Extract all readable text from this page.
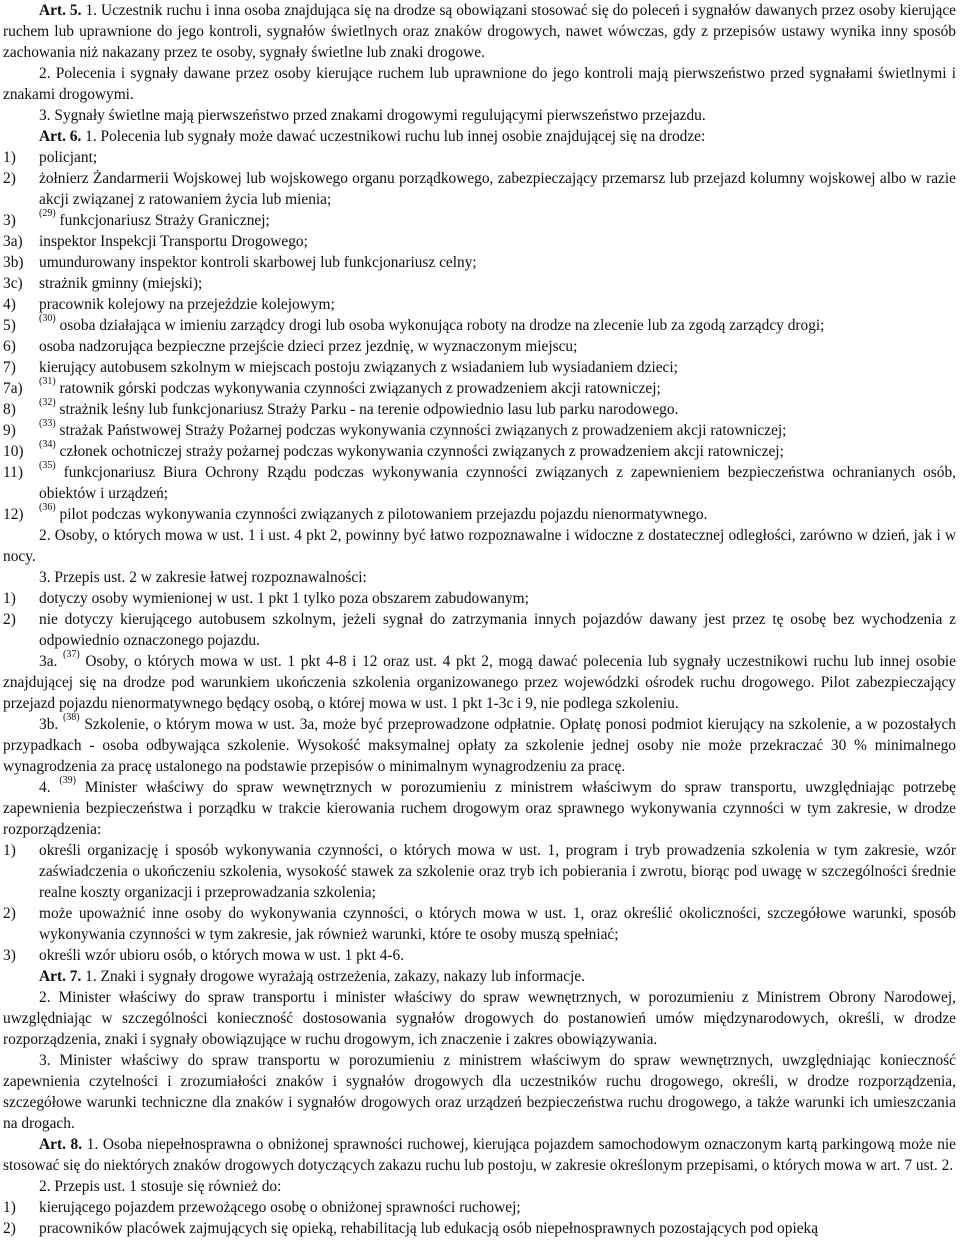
Art. 5. 1. Uczestnik ruchu i inna osoba znajdująca się na drodze są obowiązani stosować się do poleceń i sygnałów dawanych przez osoby kierujące ruchem lub uprawnione do jego kontroli, sygnałów świetlnych oraz znaków drogowych, nawet wówczas, gdy z przepisów ustawy wynika inny sposób zachowania niż nakazany przez te osoby, sygnały świetlne lub znaki drogowe.

2. Polecenia i sygnały dawane przez osoby kierujące ruchem lub uprawnione do jego kontroli mają pierwszeństwo przed sygnałami świetlnymi i znakami drogowymi.

3. Sygnały świetlne mają pierwszeństwo przed znakami drogowymi regulującymi pierwszeństwo przejazdu.

Art. 6. 1. Polecenia lub sygnały może dawać uczestnikowi ruchu lub innej osobie znajdującej się na drodze:

1)	policjant;
2)	żołnierz Żandarmerii Wojskowej lub wojskowego organu porządkowego, zabezpieczający przemarsz lub przejazd kolumny wojskowej albo w razie akcji związanej z ratowaniem życia lub mienia;
3)	$^{(29)}$ funkcjonariusz Straży Granicznej;
3a)	inspektor Inspekcji Transportu Drogowego;
3b)	umundurowany inspektor kontroli skarbowej lub funkcjonariusz celny;
3c)	strażnik gminny (miejski);
4)	pracownik kolejowy na przejeździe kolejowym;
5)	$^{(30)}$ osoba działająca w imieniu zarządcy drogi lub osoba wykonująca roboty na drodze na zlecenie lub za zgodą zarządcy drogi;
6)	osoba nadzorująca bezpieczne przejście dzieci przez jezdnię, w wyznaczonym miejscu;
7)	kierujący autobusem szkolnym w miejscach postoju związanych z wsiadaniem lub wysiadaniem dzieci;
7a)	$^{(31)}$ ratownik górski podczas wykonywania czynności związanych z prowadzeniem akcji ratowniczej;
8)	$^{(32)}$ strażnik leśny lub funkcjonariusz Straży Parku - na terenie odpowiednio lasu lub parku narodowego.
9)	$^{(33)}$ strażak Państwowej Straży Pożarnej podczas wykonywania czynności związanych z prowadzeniem akcji ratowniczej;
10)	$^{(34)}$ członek ochotniczej straży pożarnej podczas wykonywania czynności związanych z prowadzeniem akcji ratowniczej;
11)	$^{(35)}$ funkcjonariusz Biura Ochrony Rządu podczas wykonywania czynności związanych z zapewnieniem bezpieczeństwa ochranianych osób, obiektów i urządzeń;
12)	$^{(36)}$ pilot podczas wykonywania czynności związanych z pilotowaniem przejazdu pojazdu nienormatywnego.

2. Osoby, o których mowa w ust. 1 i ust. 4 pkt 2, powinny być łatwo rozpoznawalne i widoczne z dostatecznej odległości, zarówno w dzień, jak i w nocy.

3. Przepis ust. 2 w zakresie łatwej rozpoznawalności:

1)	dotyczy osoby wymienionej w ust. 1 pkt 1 tylko poza obszarem zabudowanym;
2)	nie dotyczy kierującego autobusem szkolnym, jeżeli sygnał do zatrzymania innych pojazdów dawany jest przez tę osobę bez wychodzenia z odpowiednio oznaczonego pojazdu.

3a. $^{(37)}$ Osoby, o których mowa w ust. 1 pkt 4-8 i 12 oraz ust. 4 pkt 2, mogą dawać polecenia lub sygnały uczestnikowi ruchu lub innej osobie znajdującej się na drodze pod warunkiem ukończenia szkolenia organizowanego przez wojewódzki ośrodek ruchu drogowego. Pilot zabezpieczający przejazd pojazdu nienormatywnego będący osobą, o której mowa w ust. 1 pkt 1-3c i 9, nie podlega szkoleniu.

3b. $^{(38)}$ Szkolenie, o którym mowa w ust. 3a, może być przeprowadzone odpłatnie. Opłatę ponosi podmiot kierujący na szkolenie, a w pozostałych przypadkach - osoba odbywająca szkolenie. Wysokość maksymalnej opłaty za szkolenie jednej osoby nie może przekraczać 30 % minimalnego wynagrodzenia za pracę ustalonego na podstawie przepisów o minimalnym wynagrodzeniu za pracę.

4. $^{(39)}$ Minister właściwy do spraw wewnętrznych w porozumieniu z ministrem właściwym do spraw transportu, uwzględniając potrzebę zapewnienia bezpieczeństwa i porządku w trakcie kierowania ruchem drogowym oraz sprawnego wykonywania czynności w tym zakresie, w drodze rozporządzenia:

1)	określi organizację i sposób wykonywania czynności, o których mowa w ust. 1, program i tryb prowadzenia szkolenia w tym zakresie, wzór zaświadczenia o ukończeniu szkolenia, wysokość stawek za szkolenie oraz tryb ich pobierania i zwrotu, biorąc pod uwagę w szczególności średnie realne koszty organizacji i przeprowadzania szkolenia;
2)	może upoważnić inne osoby do wykonywania czynności, o których mowa w ust. 1, oraz określić okoliczności, szczegółowe warunki, sposób wykonywania czynności w tym zakresie, jak również warunki, które te osoby muszą spełniać;
3)	określi wzór ubioru osób, o których mowa w ust. 1 pkt 4-6.

Art. 7. 1. Znaki i sygnały drogowe wyrażają ostrzeżenia, zakazy, nakazy lub informacje.

2. Minister właściwy do spraw transportu i minister właściwy do spraw wewnętrznych, w porozumieniu z Ministrem Obrony Narodowej, uwzględniając w szczególności konieczność dostosowania sygnałów drogowych do postanowień umów międzynarodowych, określi, w drodze rozporządzenia, znaki i sygnały obowiązujące w ruchu drogowym, ich znaczenie i zakres obowiązywania.

3. Minister właściwy do spraw transportu w porozumieniu z ministrem właściwym do spraw wewnętrznych, uwzględniając konieczność zapewnienia czytelności i zrozumiałości znaków i sygnałów drogowych dla uczestników ruchu drogowego, określi, w drodze rozporządzenia, szczegółowe warunki techniczne dla znaków i sygnałów drogowych oraz urządzeń bezpieczeństwa ruchu drogowego, a także warunki ich umieszczania na drogach.

Art. 8. 1. Osoba niepełnosprawna o obniżonej sprawności ruchowej, kierująca pojazdem samochodowym oznaczonym kartą parkingową może nie stosować się do niektórych znaków drogowych dotyczących zakazu ruchu lub postoju, w zakresie określonym przepisami, o których mowa w art. 7 ust. 2.

2. Przepis ust. 1 stosuje się również do:

1)	kierującego pojazdem przewożącego osobę o obniżonej sprawności ruchowej;
2)	pracowników placówek zajmujących się opieką, rehabilitacją lub edukacją osób niepełnosprawnych pozostających pod opieką
